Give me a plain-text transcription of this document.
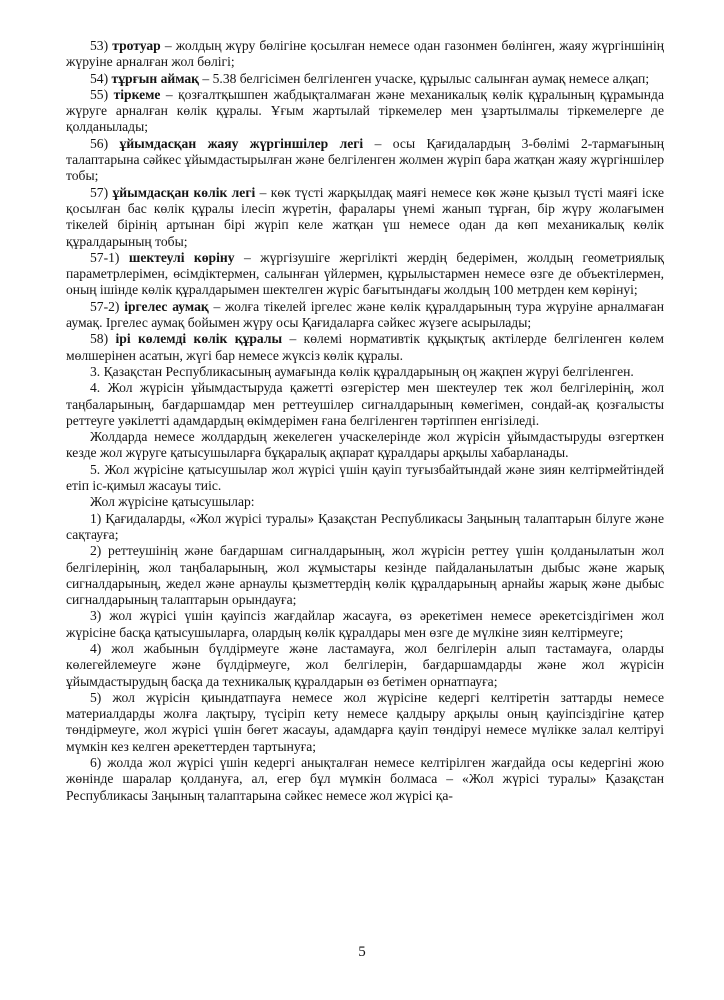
53) тротуар – жолдың жүру бөлігіне қосылған немесе одан газонмен бөлінген, жаяу жүргіншінің жүруіне арналған жол бөлігі;

54) тұрғын аймақ – 5.38 белгісімен белгіленген учаске, құрылыс салынған аумақ немесе алқап;

55) тіркеме – қозғалтқышпен жабдықталмаған және механикалық көлік құралының құрамында жүруге арналған көлік құралы. Ұғым жартылай тіркемелер мен ұзартылмалы тіркемелерге де қолданылады;

56) ұйымдасқан жаяу жүргіншілер легі – осы Қағидалардың 3-бөлімі 2-тармағының талаптарына сәйкес ұйымдастырылған және белгіленген жолмен жүріп бара жатқан жаяу жүргіншілер тобы;

57) ұйымдасқан көлік легі – көк түсті жарқылдақ маяғі немесе көк және қызыл түсті маяғі іске қосылған бас көлік құралы ілесіп жүретін, фаралары үнемі жанып тұрған, бір жүру жолағымен тікелей бірінің артынан бірі жүріп келе жатқан үш немесе одан да көп механикалық көлік құралдарының тобы;

57-1) шектеулі көріну – жүргізушіге жергілікті жердің бедерімен, жолдың геометриялық параметрлерімен, өсімдіктермен, салынған үйлермен, құрылыстармен немесе өзге де объектілермен, оның ішінде көлік құралдарымен шектелген жүріс бағытындағы жолдың 100 метрден кем көрінуі;

57-2) іргелес аумақ – жолға тікелей іргелес және көлік құралдарының тура жүруіне арналмаған аумақ. Іргелес аумақ бойымен жүру осы Қағидаларға сәйкес жүзеге асырылады;

58) ірі көлемді көлік құралы – көлемі нормативтік құқықтық актілерде белгіленген көлем мөлшерінен асатын, жүгі бар немесе жүксіз көлік құралы.

3. Қазақстан Республикасының аумағында көлік құралдарының оң жақпен жүруі белгіленген.

4. Жол жүрісін ұйымдастыруда қажетті өзгерістер мен шектеулер тек жол белгілерінің, жол таңбаларының, бағдаршамдар мен реттеушілер сигналдарының көмегімен, сондай-ақ қозғалысты реттеуге уәкілетті адамдардың өкімдерімен ғана белгіленген тәртіппен енгізіледі.

Жолдарда немесе жолдардың жекелеген учаскелерінде жол жүрісін ұйымдастыруды өзгерткен кезде жол жүруге қатысушыларға бұқаралық ақпарат құралдары арқылы хабарланады.

5. Жол жүрісіне қатысушылар жол жүрісі үшін қауіп туғызбайтындай және зиян келтірмейтіндей етіп іс-қимыл жасауы тиіс.

Жол жүрісіне қатысушылар:

1) Қағидаларды, «Жол жүрісі туралы» Қазақстан Республикасы Заңының талаптарын білуге және сақтауға;

2) реттеушінің және бағдаршам сигналдарының, жол жүрісін реттеу үшін қолданылатын жол белгілерінің, жол таңбаларының, жол жұмыстары кезінде пайдаланылатын дыбыс және жарық сигналдарының, жедел және арнаулы қызметтердің көлік құралдарының арнайы жарық және дыбыс сигналдарының талаптарын орындауға;

3) жол жүрісі үшін қауіпсіз жағдайлар жасауға, өз әрекетімен немесе әрекетсіздігімен жол жүрісіне басқа қатысушыларға, олардың көлік құралдары мен өзге де мүлкіне зиян келтірмеуге;

4) жол жабынын бүлдірмеуге және ластамауға, жол белгілерін алып тастамауға, оларды көлегейлемеуге және бүлдірмеуге, жол белгілерін, бағдаршамдарды және жол жүрісін ұйымдастырудың басқа да техникалық құралдарын өз бетімен орнатпауға;

5) жол жүрісін қиындатпауға немесе жол жүрісіне кедергі келтіретін заттарды немесе материалдарды жолға лақтыру, түсіріп кету немесе қалдыру арқылы оның қауіпсіздігіне қатер төндірмеуге, жол жүрісі үшін бөгет жасауы, адамдарға қауіп төндіруі немесе мүлікке залал келтіруі мүмкін кез келген әрекеттерден тартынуға;

6) жолда жол жүрісі үшін кедергі анықталған немесе келтірілген жағдайда осы кедергіні жою жөнінде шаралар қолдануға, ал, егер бұл мүмкін болмаса – «Жол жүрісі туралы» Қазақстан Республикасы Заңының талаптарына сәйкес немесе жол жүрісі қа-

5
